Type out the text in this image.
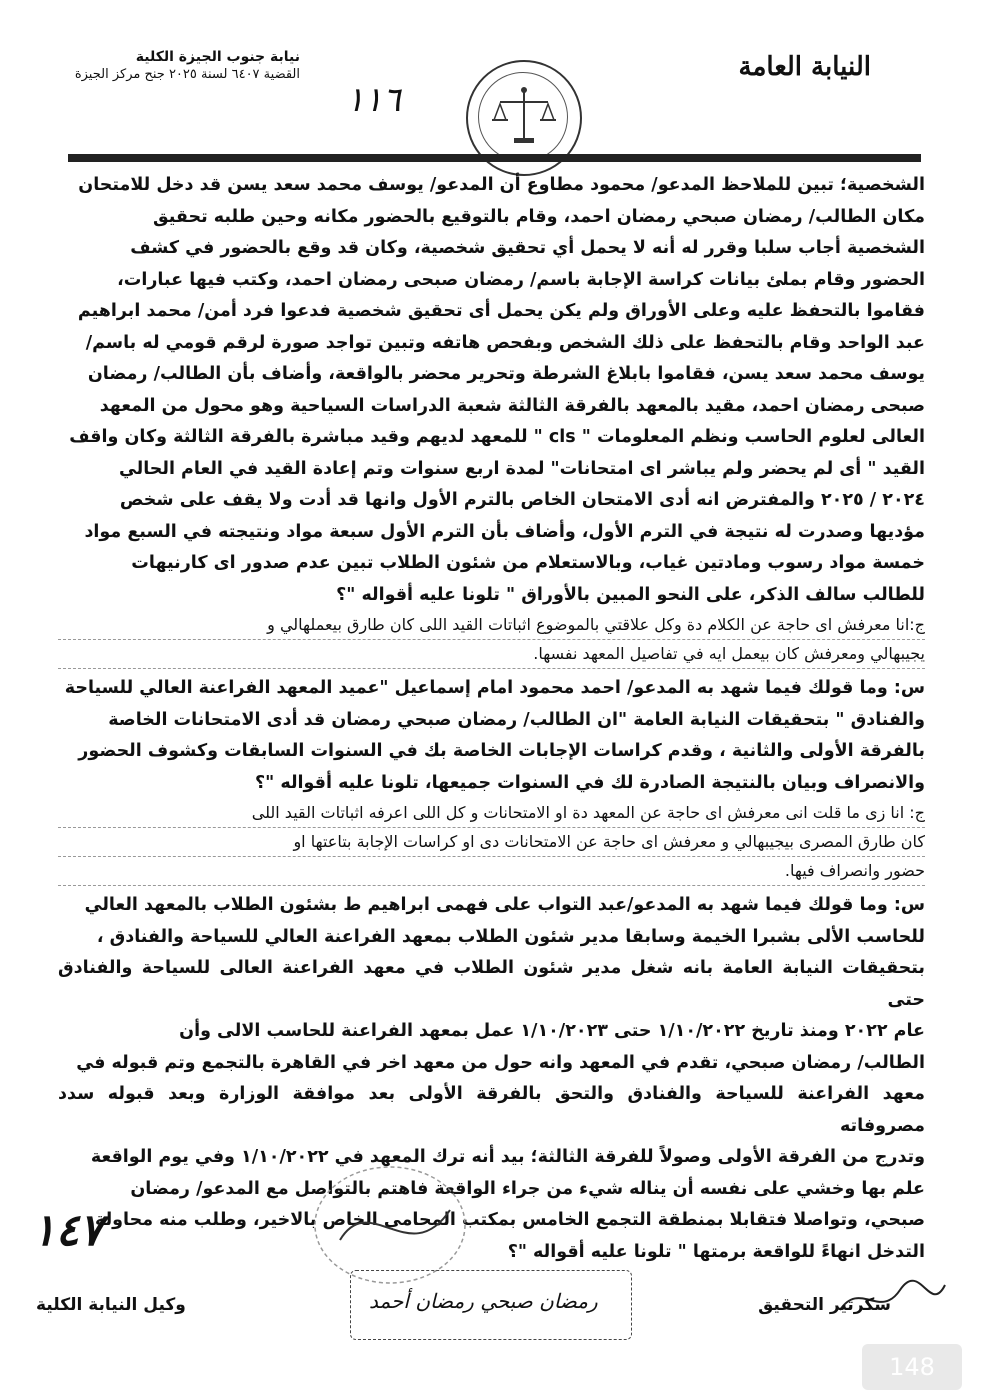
نيابة جنوب الجيزة الكلية
القضية ٦٤٠٧ لسنة ٢٠٢٥ جنح مركز الجيزة
١١٦
النيابة العامة

الشخصية؛ تبين للملاحظ المدعو/ محمود مطاوع أن المدعو/ يوسف محمد سعد يسن قد دخل للامتحان

مكان الطالب/ رمضان صبحي رمضان احمد، وقام بالتوقيع بالحضور مكانه وحين طلبه تحقيق

الشخصية أجاب سلبا وقرر له أنه لا يحمل أي تحقيق شخصية، وكان قد وقع بالحضور في كشف

الحضور وقام بملئ بيانات كراسة الإجابة باسم/ رمضان صبحى رمضان احمد، وكتب فيها عبارات،

فقاموا بالتحفظ عليه وعلى الأوراق ولم يكن يحمل أى تحقيق شخصية فدعوا فرد أمن/ محمد ابراهيم

عبد الواحد وقام بالتحفظ على ذلك الشخص وبفحص هاتفه وتبين تواجد صورة لرقم قومي له باسم/

يوسف محمد سعد يسن، فقاموا بابلاغ الشرطة وتحرير محضر بالواقعة، وأضاف بأن الطالب/ رمضان

صبحى رمضان احمد، مقيد بالمعهد بالفرقة الثالثة شعبة الدراسات السياحية وهو محول من المعهد

العالى لعلوم الحاسب ونظم المعلومات " cls " للمعهد لديهم وقيد مباشرة بالفرقة الثالثة وكان واقف

القيد " أى لم يحضر ولم يباشر اى امتحانات" لمدة اربع سنوات وتم إعادة القيد في العام الحالي

٢٠٢٤ / ٢٠٢٥ والمفترض انه أدى الامتحان الخاص بالترم الأول وانها قد أدت ولا يقف على شخص

مؤديها وصدرت له نتيجة في الترم الأول، وأضاف بأن الترم الأول سبعة مواد ونتيجته في السبع مواد

خمسة مواد رسوب ومادتين غياب، وبالاستعلام من شئون الطلاب تبين عدم صدور اى كارنيهات

للطالب سالف الذكر، على النحو المبين بالأوراق " تلونا عليه أقواله "؟

ج:انا معرفش اى حاجة عن الكلام دة وكل علاقتي بالموضوع اثباتات القيد اللى كان طارق بيعملهالي و

يجيبهالي ومعرفش كان بيعمل ايه في تفاصيل المعهد نفسها.

س: وما قولك فيما شهد به المدعو/ احمد محمود امام إسماعيل "عميد المعهد الفراعنة العالي للسياحة

والفنادق " بتحقيقات النيابة العامة "ان الطالب/ رمضان صبحي رمضان قد أدى الامتحانات الخاصة

بالفرقة الأولى والثانية ، وقدم كراسات الإجابات الخاصة بك في السنوات السابقات وكشوف الحضور

والانصراف وبيان بالنتيجة الصادرة لك في السنوات جميعها، تلونا عليه أقواله "؟

ج: انا زى ما قلت انى معرفش اى حاجة عن المعهد دة او الامتحانات و كل اللى اعرفه اثباتات القيد اللى

كان طارق المصرى بيجيبهالي و معرفش اى حاجة عن الامتحانات دى او كراسات الإجابة بتاعتها او

حضور وانصراف فيها.

س: وما قولك فيما شهد به المدعو/عبد التواب على فهمى ابراهيم ط بشئون الطلاب بالمعهد العالي

للحاسب الألى بشبرا الخيمة وسابقا مدير شئون الطلاب بمعهد الفراعنة العالي للسياحة والفنادق ،

بتحقيقات النيابة العامة بانه شغل مدير شئون الطلاب في معهد الفراعنة العالى للسياحة والفنادق حتى

عام ٢٠٢٢ ومنذ تاريخ ١/١٠/٢٠٢٢ حتى ١/١٠/٢٠٢٣ عمل بمعهد الفراعنة للحاسب الالى وأن

الطالب/ رمضان صبحي، تقدم في المعهد وانه حول من معهد اخر في القاهرة بالتجمع وتم قبوله في

معهد الفراعنة للسياحة والفنادق والتحق بالفرقة الأولى بعد موافقة الوزارة وبعد قبوله سدد مصروفاته

وتدرج من الفرقة الأولى وصولاً للفرقة الثالثة؛ بيد أنه ترك المعهد في ١/١٠/٢٠٢٢ وفي يوم الواقعة

علم بها وخشي على نفسه أن يناله شيء من جراء الواقعة فاهتم بالتواصل مع المدعو/ رمضان

صبحي، وتواصلا فتقابلا بمنطقة التجمع الخامس بمكتب المحامي الخاص بالاخير، وطلب منه محاولة

التدخل انهاءً للواقعة برمتها " تلونا عليه أقواله "؟

١٤٧
وكيل النيابة الكلية	رمضان صبحي رمضان أحمد	سكرتير التحقيق
148
